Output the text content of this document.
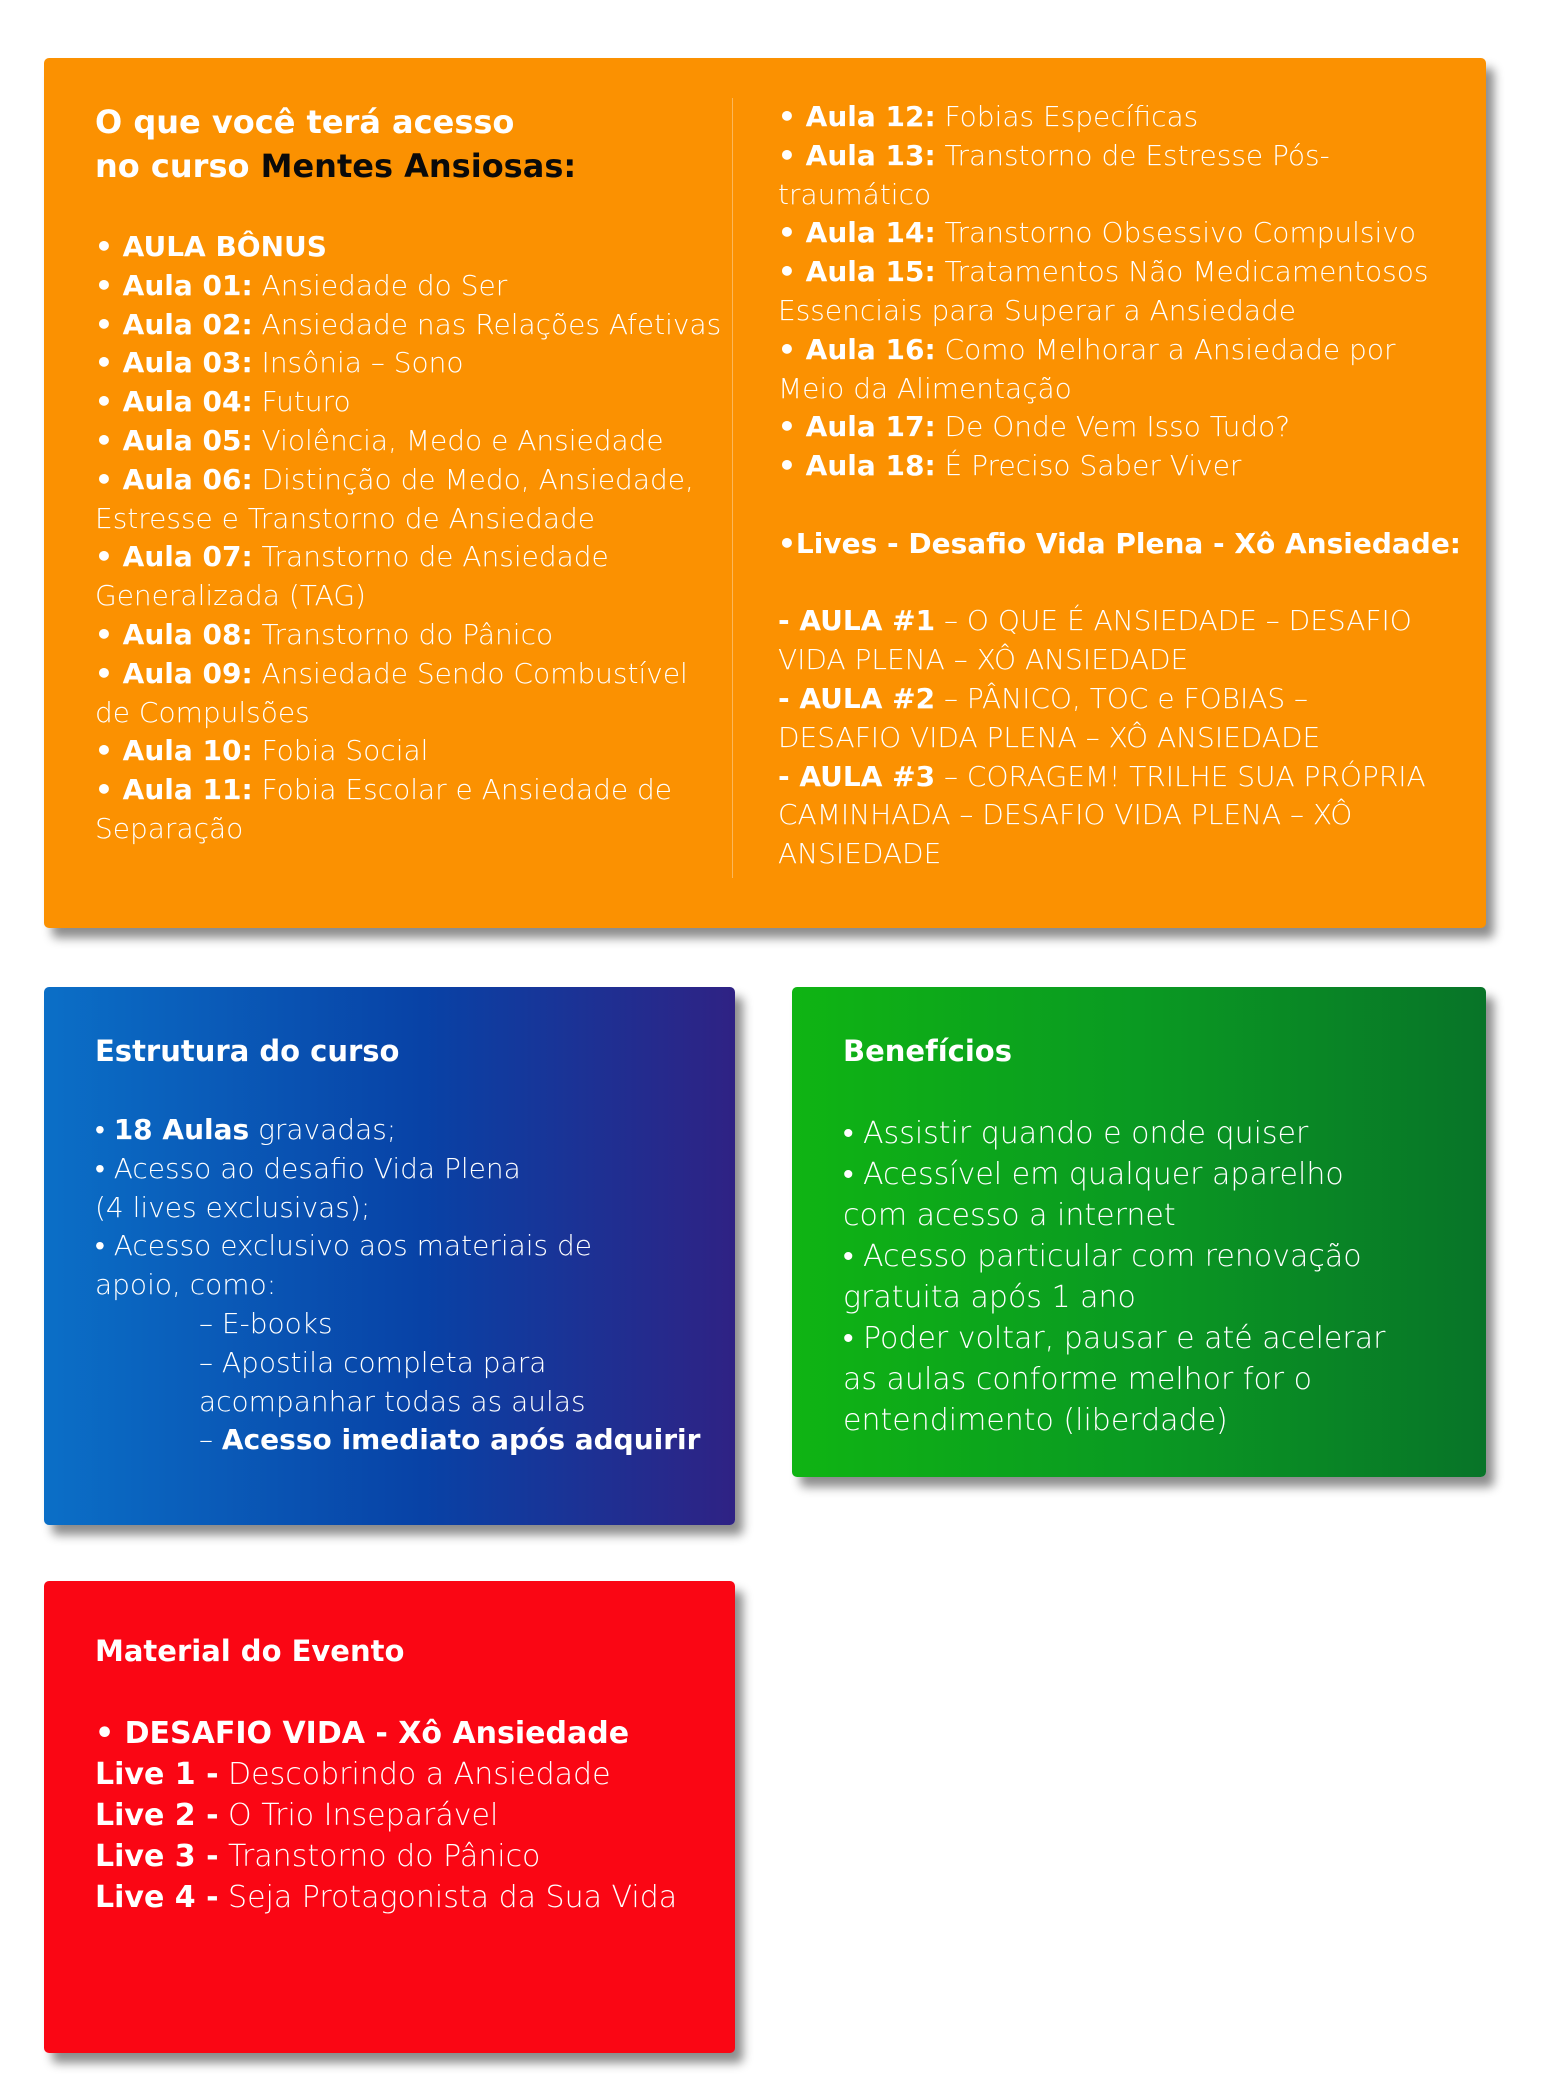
O que você terá acesso

no curso Mentes Ansiosas:

• AULA BÔNUS

• Aula 01: Ansiedade do Ser

• Aula 02: Ansiedade nas Relações Afetivas

• Aula 03: Insônia – Sono

• Aula 04: Futuro

• Aula 05: Violência, Medo e Ansiedade

• Aula 06: Distinção de Medo, Ansiedade,

Estresse e Transtorno de Ansiedade

• Aula 07: Transtorno de Ansiedade

Generalizada (TAG)

• Aula 08: Transtorno do Pânico

• Aula 09: Ansiedade Sendo Combustível

de Compulsões

• Aula 10: Fobia Social

• Aula 11: Fobia Escolar e Ansiedade de

Separação

• Aula 12: Fobias Específicas

• Aula 13: Transtorno de Estresse Pós-

traumático

• Aula 14: Transtorno Obsessivo Compulsivo

• Aula 15: Tratamentos Não Medicamentosos

Essenciais para Superar a Ansiedade

• Aula 16: Como Melhorar a Ansiedade por

Meio da Alimentação

• Aula 17: De Onde Vem Isso Tudo?

• Aula 18: É Preciso Saber Viver

•Lives - Desafio Vida Plena - Xô Ansiedade:

- AULA #1 – O QUE É ANSIEDADE – DESAFIO

VIDA PLENA – XÔ ANSIEDADE

- AULA #2 – PÂNICO, TOC e FOBIAS –

DESAFIO VIDA PLENA – XÔ ANSIEDADE

- AULA #3 – CORAGEM! TRILHE SUA PRÓPRIA

CAMINHADA – DESAFIO VIDA PLENA – XÔ

ANSIEDADE

Estrutura do curso

• 18 Aulas gravadas;

• Acesso ao desafio Vida Plena

(4 lives exclusivas);

• Acesso exclusivo aos materiais de

apoio, como:

– E-books

– Apostila completa para

acompanhar todas as aulas

– Acesso imediato após adquirir

Benefícios

• Assistir quando e onde quiser

• Acessível em qualquer aparelho

com acesso a internet

• Acesso particular com renovação

gratuita após 1 ano

• Poder voltar, pausar e até acelerar

as aulas conforme melhor for o

entendimento (liberdade)

Material do Evento

• DESAFIO VIDA - Xô Ansiedade

Live 1 - Descobrindo a Ansiedade

Live 2 - O Trio Inseparável

Live 3 - Transtorno do Pânico

Live 4 - Seja Protagonista da Sua Vida
